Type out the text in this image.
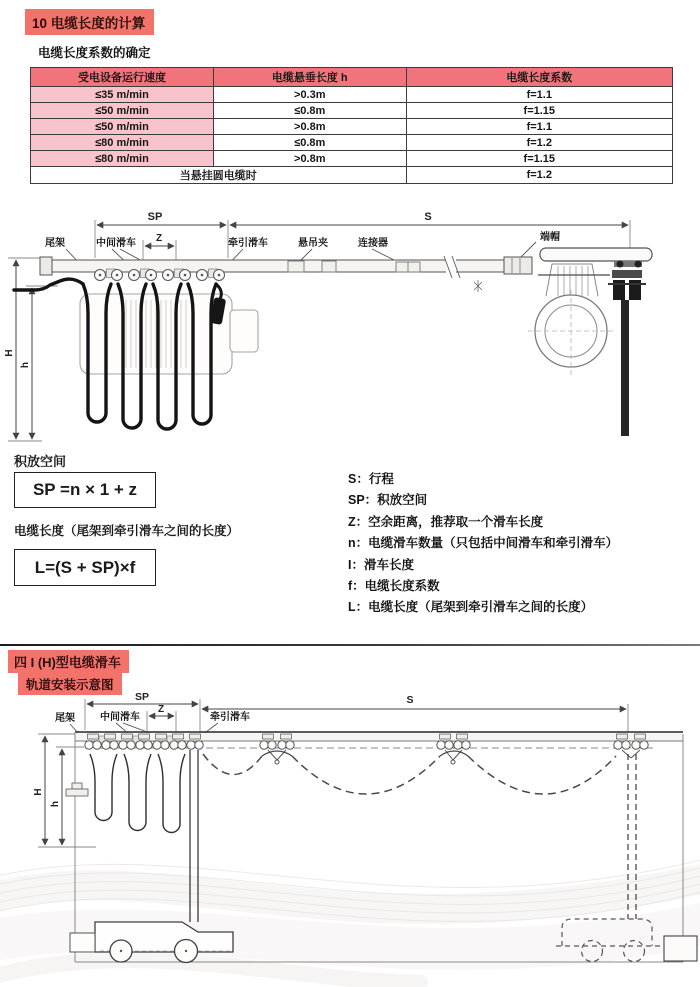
10 电缆长度的计算
电缆长度系数的确定
受电设备运行速度	电缆悬垂长度 h	电缆长度系数
≤35 m/min	>0.3m	f=1.1
≤50 m/min	≤0.8m	f=1.15
≤50 m/min	>0.8m	f=1.1
≤80 m/min	≤0.8m	f=1.2
≤80 m/min	>0.8m	f=1.15
当悬挂圆电缆时		f=1.2
SP	S
Z
H
h
尾架	中间滑车	牵引滑车	悬吊夹	连接器
端帽
积放空间
SP =n × 1 + z
电缆长度（尾架到牵引滑车之间的长度）
L=(S + SP)×f
S：行程
SP：积放空间
Z：空余距离，推荐取一个滑车长度
n：电缆滑车数量（只包括中间滑车和牵引滑车）
I：滑车长度
f：电缆长度系数
L：电缆长度（尾架到牵引滑车之间的长度）
四 I (H)型电缆滑车
轨道安装示意图
SP
Z
S
H
h
尾架	中间滑车	牵引滑车
